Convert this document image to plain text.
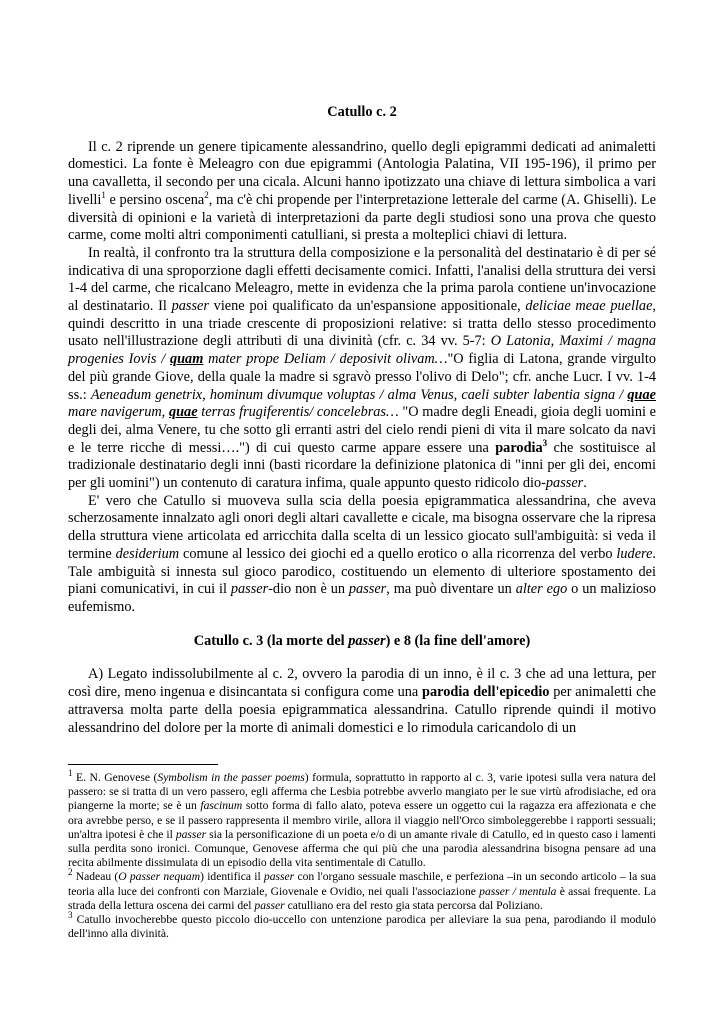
Catullo c. 2

Il c. 2 riprende un genere tipicamente alessandrino, quello degli epigrammi dedicati ad animaletti domestici. La fonte è Meleagro con due epigrammi (Antologia Palatina, VII 195-196), il primo per una cavalletta, il secondo per una cicala. Alcuni hanno ipotizzato una chiave di lettura simbolica a vari livelli$^1$ e persino oscena$^2$, ma c'è chi propende per l'interpretazione letterale del carme (A. Ghiselli). Le diversità di opinioni e la varietà di interpretazioni da parte degli studiosi sono una prova che questo carme, come molti altri componimenti catulliani, si presta a molteplici chiavi di lettura.

In realtà, il confronto tra la struttura della composizione e la personalità del destinatario è di per sé indicativa di una sproporzione dagli effetti decisamente comici. Infatti, l'analisi della struttura dei versi 1-4 del carme, che ricalcano Meleagro, mette in evidenza che la prima parola contiene un'invocazione al destinatario. Il passer viene poi qualificato da un'espansione appositionale, deliciae meae puellae, quindi descritto in una triade crescente di proposizioni relative: si tratta dello stesso procedimento usato nell'illustrazione degli attributi di una divinità (cfr. c. 34 vv. 5-7: O Latonia, Maximi / magna progenies Iovis / quam mater prope Deliam / deposivit olivam…"O figlia di Latona, grande virgulto del più grande Giove, della quale la madre si sgravò presso l'olivo di Delo"; cfr. anche Lucr. I vv. 1-4 ss.: Aeneadum genetrix, hominum divumque voluptas / alma Venus, caeli subter labentia signa / quae mare navigerum, quae terras frugiferentis/ concelebras… "O madre degli Eneadi, gioia degli uomini e degli dei, alma Venere, tu che sotto gli erranti astri del cielo rendi pieni di vita il mare solcato da navi e le terre ricche di messi….") di cui questo carme appare essere una parodia$^3$ che sostituisce al tradizionale destinatario degli inni (basti ricordare la definizione platonica di "inni per gli dei, encomi per gli uomini") un contenuto di caratura infima, quale appunto questo ridicolo dio-passer.

E' vero che Catullo si muoveva sulla scia della poesia epigrammatica alessandrina, che aveva scherzosamente innalzato agli onori degli altari cavallette e cicale, ma bisogna osservare che la ripresa della struttura viene articolata ed arricchita dalla scelta di un lessico giocato sull'ambiguità: si veda il termine desiderium comune al lessico dei giochi ed a quello erotico o alla ricorrenza del verbo ludere. Tale ambiguità si innesta sul gioco parodico, costituendo un elemento di ulteriore spostamento dei piani comunicativi, in cui il passer-dio non è un passer, ma può diventare un alter ego o un malizioso eufemismo.

Catullo c. 3 (la morte del passer) e 8 (la fine dell'amore)

A) Legato indissolubilmente al c. 2, ovvero la parodia di un inno, è il c. 3 che ad una lettura, per così dire, meno ingenua e disincantata si configura come una parodia dell'epicedio per animaletti che attraversa molta parte della poesia epigrammatica alessandrina. Catullo riprende quindi il motivo alessandrino del dolore per la morte di animali domestici e lo rimodula caricandolo di un

$^1$ E. N. Genovese (Symbolism in the passer poems) formula, soprattutto in rapporto al c. 3, varie ipotesi sulla vera natura del passero: se si tratta di un vero passero, egli afferma che Lesbia potrebbe avverlo mangiato per le sue virtù afrodisiache, ed ora piangerne la morte; se è un fascinum sotto forma di fallo alato, poteva essere un oggetto cui la ragazza era affezionata e che ora avrebbe perso, e se il passero rappresenta il membro virile, allora il viaggio nell'Orco simboleggerebbe i rapporti sessuali; un'altra ipotesi è che il passer sia la personificazione di un poeta e/o di un amante rivale di Catullo, ed in questo caso i lamenti sulla perdita sono ironici. Comunque, Genovese afferma che qui più che una parodia alessandrina bisogna pensare ad una recita abilmente dissimulata di un episodio della vita sentimentale di Catullo.

$^2$ Nadeau (O passer nequam) identifica il passer con l'organo sessuale maschile, e perfeziona –in un secondo articolo – la sua teoria alla luce dei confronti con Marziale, Giovenale e Ovidio, nei quali l'associazione passer / mentula è assai frequente. La strada della lettura oscena dei carmi del passer catulliano era del resto gia stata percorsa dal Poliziano.

$^3$ Catullo invocherebbe questo piccolo dio-uccello con untenzione parodica per alleviare la sua pena, parodiando il modulo dell'inno alla divinità.
